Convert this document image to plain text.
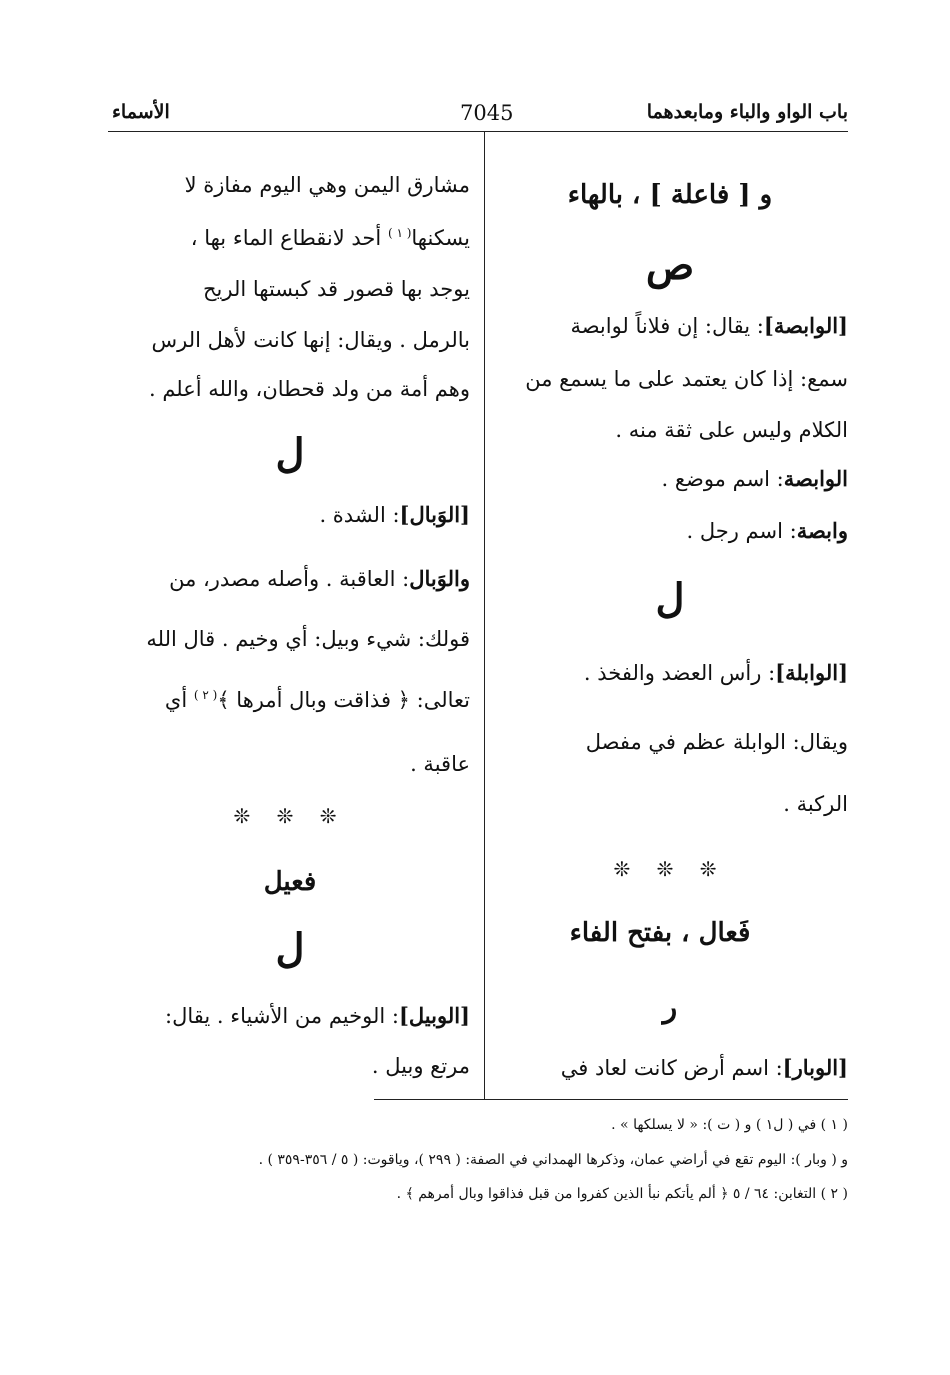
باب الواو والباء ومابعدهما
7045
الأسماء
و [ فاعلة ] ، بالهاء
ص
[الوابصة]: يقال: إن فلاناً لوابصة
سمع: إذا كان يعتمد على ما يسمع من
الكلام وليس على ثقة منه .
الوابصة: اسم موضع .
وابصة: اسم رجل .
ل
[الوابلة]: رأس العضد والفخذ .
ويقال: الوابلة عظم في مفصل
الركبة .
❊ ❊ ❊
فَعال ، بفتح الفاء
ر
[الوبار]: اسم أرض كانت لعاد في
مشارق اليمن وهي اليوم مفازة لا
يسكنها$^{( ١ )}$ أحد لانقطاع الماء بها ،
يوجد بها قصور قد كبستها الريح
بالرمل . ويقال: إنها كانت لأهل الرس
وهم أمة من ولد قحطان، والله أعلم .
ل
[الوَبال]: الشدة .
والوَبال: العاقبة . وأصله مصدر، من
قولك: شيء وبيل: أي وخيم . قال الله
تعالى: ﴿ فذاقت وبال أمرها ﴾$^{( ٢ )}$ أي
عاقبة .
❊ ❊ ❊
فعيل
ل
[الوبيل]: الوخيم من الأشياء . يقال:
مرتع وبيل .
( ١ ) في ( ل١ ) و ( ت ): « لا يسلكها » .
و ( وبار ): اليوم تقع في أراضي عمان، وذكرها الهمداني في الصفة: ( ٢٩٩ )، وياقوت: ( ٥ / ٣٥٦-٣٥٩ ) .
( ٢ ) التغابن: ٦٤ / ٥ ﴿ ألم يأتكم نبأ الذين كفروا من قبل فذاقوا وبال أمرهم ﴾ .
